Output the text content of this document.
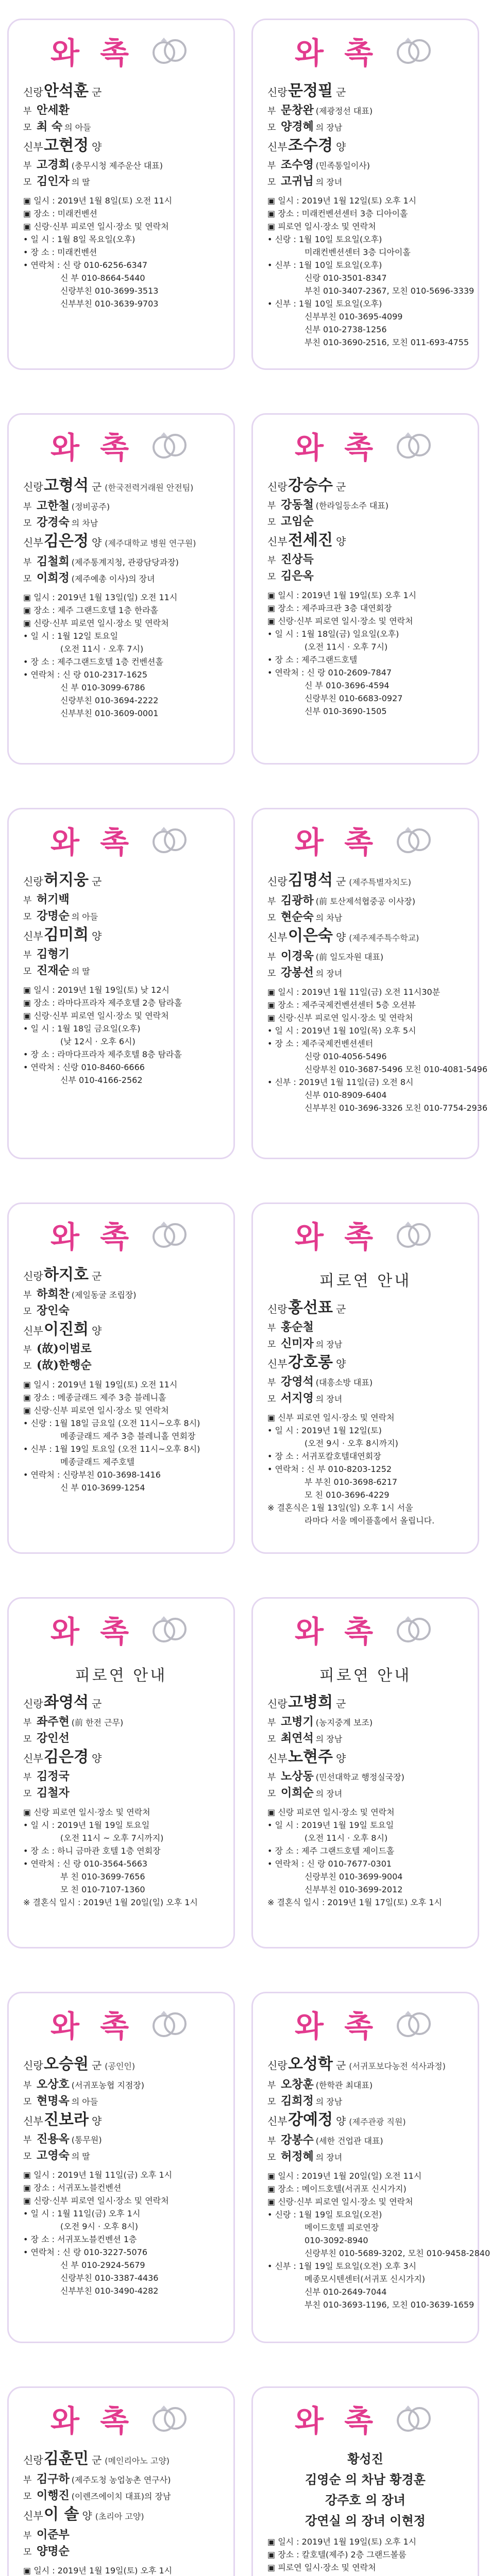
와 촉
신랑안석훈 군
부 안세환
모 최 숙 의 아들
신부고현정 양
부 고경희 (충무시청 제주운산 대표)
모 김인자 의 딸
▣ 일시 : 2019년 1월 8일(토) 오전 11시
▣ 장소 : 미래컨벤션
▣ 신랑·신부 피로연 일시·장소 및 연락처
• 일 시 : 1월 8일 목요일(오후)
• 장 소 : 미래컨벤션
• 연락처 : 신 랑 010-6256-6347
신 부 010-8664-5440
신랑부친 010-3699-3513
신부부친 010-3639-9703
와 촉
신랑문정필 군
부 문창완 (제광정선 대표)
모 양경혜 의 장남
신부조수경 양
부 조수영 (민족통일이사)
모 고귀님 의 장녀
▣ 일시 : 2019년 1월 12일(토) 오후 1시
▣ 장소 : 미래컨벤션센터 3층 디아이홀
▣ 피로연 일시·장소 및 연락처
• 신랑 : 1월 10일 토요일(오후)
미래컨벤션센터 3층 디아이홀
• 신부 : 1월 10일 토요일(오후)
신랑 010-3501-8347
부친 010-3407-2367, 모친 010-5696-3339
• 신부 : 1월 10일 토요일(오후)
신부부친 010-3695-4099
신부 010-2738-1256
부친 010-3690-2516, 모친 011-693-4755
와 촉
신랑고형석 군 (한국전력거래원 안전팀)
부 고한철 (정비공주)
모 강경숙 의 차남
신부김은정 양 (제주대학교 병원 연구원)
부 김철희 (제주통계지청, 관광담당과장)
모 이희정 (제주예총 이사)의 장녀
▣ 일시 : 2019년 1월 13일(일) 오전 11시
▣ 장소 : 제주 그랜드호텔 1층 한라홀
▣ 신랑·신부 피로연 일시·장소 및 연락처
• 일 시 : 1월 12일 토요일
(오전 11시 · 오후 7시)
• 장 소 : 제주그랜드호텔 1층 컨벤션홀
• 연락처 : 신 랑 010-2317-1625
신 부 010-3099-6786
신랑부친 010-3694-2222
신부부친 010-3609-0001
와 촉
신랑강승수 군
부 강동철 (한라일등소주 대표)
모 고임순
신부전세진 양
부 진상득
모 김은옥
▣ 일시 : 2019년 1월 19일(토) 오후 1시
▣ 장소 : 제주파크관 3층 대연회장
▣ 신랑·신부 피로연 일시·장소 및 연락처
• 일 시 : 1월 18일(금) 일요일(오후)
(오전 11시 · 오후 7시)
• 장 소 : 제주그랜드호텔
• 연락처 : 신 랑 010-2609-7847
신 부 010-3696-4594
신랑부친 010-6683-0927
신부 010-3690-1505
와 촉
신랑허지웅 군
부 허기백
모 강명순 의 아들
신부김미희 양
부 김형기
모 진재순 의 딸
▣ 일시 : 2019년 1월 19일(토) 낮 12시
▣ 장소 : 라마다프라자 제주호텔 2층 탐라홀
▣ 신랑·신부 피로연 일시·장소 및 연락처
• 일 시 : 1월 18일 금요일(오후)
(낮 12시 · 오후 6시)
• 장 소 : 라마다프라자 제주호텔 8층 탐라홀
• 연락처 : 신랑 010-8460-6666
신부 010-4166-2562
와 촉
신랑김명석 군 (제주특별자치도)
부 김광하 (前 토산제석협중공 이사장)
모 현순숙 의 차남
신부이은숙 양 (제주제주특수학교)
부 이경욱 (前 일도자원 대표)
모 강봉선 의 장녀
▣ 일시 : 2019년 1월 11일(금) 오전 11시30분
▣ 장소 : 제주국제컨벤션센터 5층 오션뷰
▣ 신랑·신부 피로연 일시·장소 및 연락처
• 일 시 : 2019년 1월 10일(목) 오후 5시
• 장 소 : 제주국제컨벤션센터
신랑 010-4056-5496
신랑부친 010-3687-5496 모친 010-4081-5496
• 신부 : 2019년 1월 11일(금) 오전 8시
신부 010-8909-6404
신부부친 010-3696-3326 모친 010-7754-2936
와 촉
신랑하지호 군
부 하희찬 (제일동굴 조립장)
모 장인숙
신부이진희 양
부 (故)이범로
모 (故)한행순
▣ 일시 : 2019년 1월 19일(토) 오전 11시
▣ 장소 : 메종글래드 제주 3층 블레니홀
▣ 신랑·신부 피로연 일시·장소 및 연락처
• 신랑 : 1월 18일 금요일 (오전 11시~오후 8시)
메종글래드 제주 3층 블레니홀 연회장
• 신부 : 1월 19일 토요일 (오전 11시~오후 8시)
메종글래드 제주호텔
• 연락처 : 신랑부친 010-3698-1416
신 부 010-3699-1254
와 촉
피로연 안내
신랑홍선표 군
부 홍순철
모 신미자 의 장남
신부강호롱 양
부 강영석 (대흥소방 대표)
모 서지영 의 장녀
▣ 신부 피로연 일시·장소 및 연락처
• 일 시 : 2019년 1월 12일(토)
(오전 9시 · 오후 8시까지)
• 장 소 : 서귀포칼호텔대연회장
• 연락처 : 신 부 010-8203-1252
부 부친 010-3698-6217
모 친 010-3696-4229
※ 결혼식은 1월 13일(일) 오후 1시 서울
라마다 서울 메이플홀에서 올립니다.
와 촉
피로연 안내
신랑좌영석 군
부 좌주현 (前 한전 근무)
모 강인선
신부김은경 양
부 김정국
모 김철자
▣ 신랑 피로연 일시·장소 및 연락처
• 일 시 : 2019년 1월 19일 토요일
(오전 11시 ~ 오후 7시까지)
• 장 소 : 하니 금마관 호텔 1층 연회장
• 연락처 : 신 랑 010-3564-5663
부 친 010-3699-7656
모 친 010-7107-1360
※ 결혼식 일시 : 2019년 1월 20일(일) 오후 1시
와 촉
피로연 안내
신랑고병희 군
부 고병기 (농지중계 보조)
모 최연석 의 장남
신부노현주 양
부 노상동 (민선대학교 행정실국장)
모 이희순 의 장녀
▣ 신랑 피로연 일시·장소 및 연락처
• 일 시 : 2019년 1월 19일 토요일
(오전 11시 · 오후 8시)
• 장 소 : 제주 그랜드호텔 제이드홀
• 연락처 : 신 랑 010-7677-0301
신랑부친 010-3699-9004
신부부친 010-3699-2012
※ 결혼식 일시 : 2019년 1월 17일(토) 오후 1시
와 촉
신랑오승원 군 (공인인)
부 오상호 (서귀포농협 지점장)
모 현명옥 의 아들
신부진보라 양
부 진용옥 (통무원)
모 고영숙 의 딸
▣ 일시 : 2019년 1월 11일(금) 오후 1시
▣ 장소 : 서귀포노블컨벤션
▣ 신랑·신부 피로연 일시·장소 및 연락처
• 일 시 : 1월 11일(금) 오후 1시
(오전 9시 · 오후 8시)
• 장 소 : 서귀포노블컨벤션 1층
• 연락처 : 신 랑 010-3227-5076
신 부 010-2924-5679
신랑부친 010-3387-4436
신부부친 010-3490-4282
와 촉
신랑오성학 군 (서귀포보다농전 석사과정)
부 오창훈 (한학관 최대표)
모 김희정 의 장남
신부강예정 양 (제주관광 직원)
부 강봉수 (세한 건업관 대표)
모 허정혜 의 장녀
▣ 일시 : 2019년 1월 20일(일) 오전 11시
▣ 장소 : 메이드호텔(서귀포 신시가지)
▣ 신랑·신부 피로연 일시·장소 및 연락처
• 신랑 : 1월 19일 토요일(오전)
메이드호텔 피로연장
010-3092-8940
신랑부친 010-5689-3202, 모친 010-9458-2840
• 신부 : 1월 19일 토요일(오전) 오후 3시
메종모시텐센터(서귀포 신시가지)
신부 010-2649-7044
부친 010-3693-1196, 모친 010-3639-1659
와 촉
신랑김훈민 군 (메인리아노 고양)
부 김구하 (제주도청 농업농촌 연구사)
모 이행진 (이렌즈에이치 대표)의 장남
신부이 솔 양 (초리아 고양)
부 이준부
모 양명순
▣ 일시 : 2019년 1월 19일(토) 오후 1시
와 촉
황성진
김영순 의 차남 황경훈
강주호 의 장녀
강연실 의 장녀 이현정
▣ 일시 : 2019년 1월 19일(토) 오후 1시
▣ 장소 : 칼호텔(제주) 2층 그랜드볼룸
▣ 피로연 일시·장소 및 연락처
